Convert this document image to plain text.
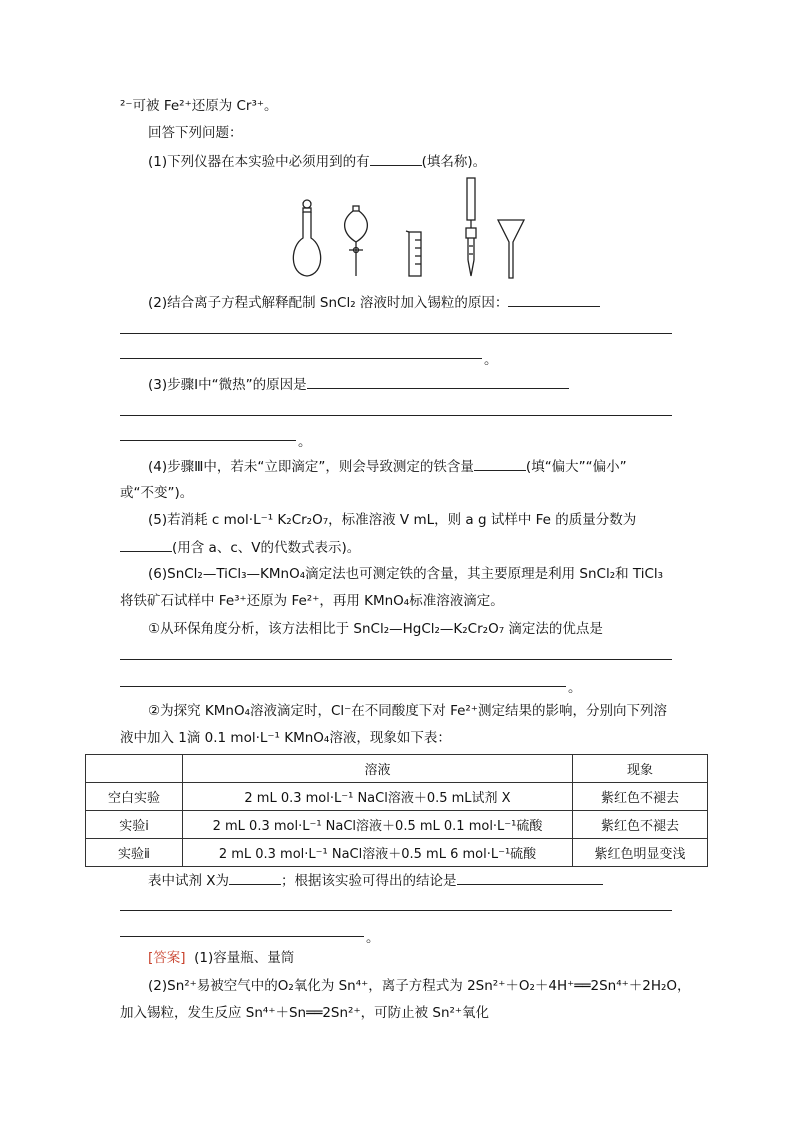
²⁻可被 Fe²⁺还原为 Cr³⁺。
回答下列问题：
(1)下列仪器在本实验中必须用到的有	(填名称)。
(2)结合离子方程式解释配制 SnCl₂ 溶液时加入锡粒的原因：
。
(3)步骤Ⅰ中“微热”的原因是
。
(4)步骤Ⅲ中，若未“立即滴定”，则会导致测定的铁含量	(填“偏大”“偏小”
或“不变”)。
(5)若消耗 c mol·L⁻¹ K₂Cr₂O₇，标准溶液 V mL，则 a g 试样中 Fe 的质量分数为
(用含 a、c、V的代数式表示)。
(6)SnCl₂—TiCl₃—KMnO₄滴定法也可测定铁的含量，其主要原理是利用 SnCl₂和 TiCl₃
将铁矿石试样中 Fe³⁺还原为 Fe²⁺，再用 KMnO₄标准溶液滴定。
①从环保角度分析，该方法相比于 SnCl₂—HgCl₂—K₂Cr₂O₇ 滴定法的优点是
。
②为探究 KMnO₄溶液滴定时，Cl⁻在不同酸度下对 Fe²⁺测定结果的影响，分别向下列溶
液中加入 1滴 0.1 mol·L⁻¹ KMnO₄溶液，现象如下表：
	溶液	现象
空白实验	2 mL 0.3 mol·L⁻¹ NaCl溶液＋0.5 mL试剂 X	紫红色不褪去
实验ⅰ	2 mL 0.3 mol·L⁻¹ NaCl溶液＋0.5 mL 0.1 mol·L⁻¹硫酸	紫红色不褪去
实验ⅱ	2 mL 0.3 mol·L⁻¹ NaCl溶液＋0.5 mL 6 mol·L⁻¹硫酸	紫红色明显变浅
表中试剂 X为	；根据该实验可得出的结论是
。
[答案] (1)容量瓶、量筒
(2)Sn²⁺易被空气中的O₂氧化为 Sn⁴⁺，离子方程式为 2Sn²⁺＋O₂＋4H⁺══2Sn⁴⁺＋2H₂O，
加入锡粒，发生反应 Sn⁴⁺＋Sn══2Sn²⁺，可防止被 Sn²⁺氧化
